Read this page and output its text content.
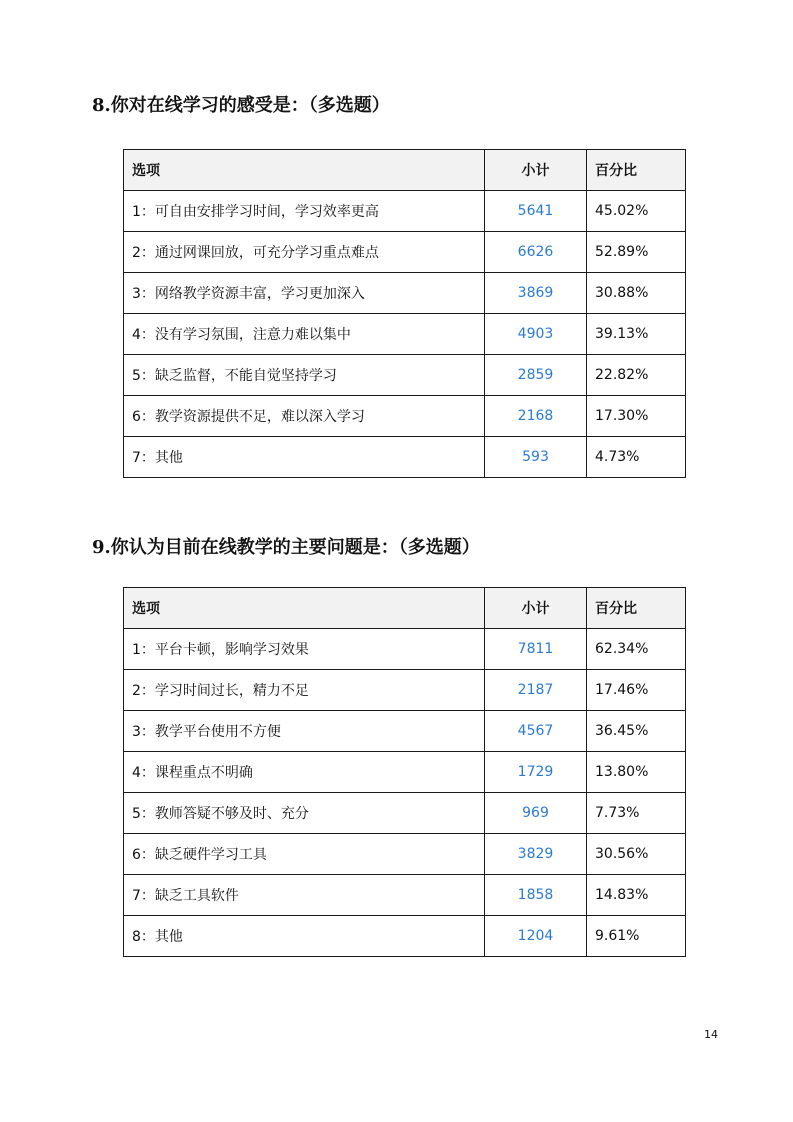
8.你对在线学习的感受是：（多选题）
选项	小计	百分比
1：可自由安排学习时间，学习效率更高	5641	45.02%
2：通过网课回放，可充分学习重点难点	6626	52.89%
3：网络教学资源丰富，学习更加深入	3869	30.88%
4：没有学习氛围，注意力难以集中	4903	39.13%
5：缺乏监督，不能自觉坚持学习	2859	22.82%
6：教学资源提供不足，难以深入学习	2168	17.30%
7：其他	593	4.73%
9.你认为目前在线教学的主要问题是：（多选题）
选项	小计	百分比
1：平台卡顿，影响学习效果	7811	62.34%
2：学习时间过长，精力不足	2187	17.46%
3：教学平台使用不方便	4567	36.45%
4：课程重点不明确	1729	13.80%
5：教师答疑不够及时、充分	969	7.73%
6：缺乏硬件学习工具	3829	30.56%
7：缺乏工具软件	1858	14.83%
8：其他	1204	9.61%
14
